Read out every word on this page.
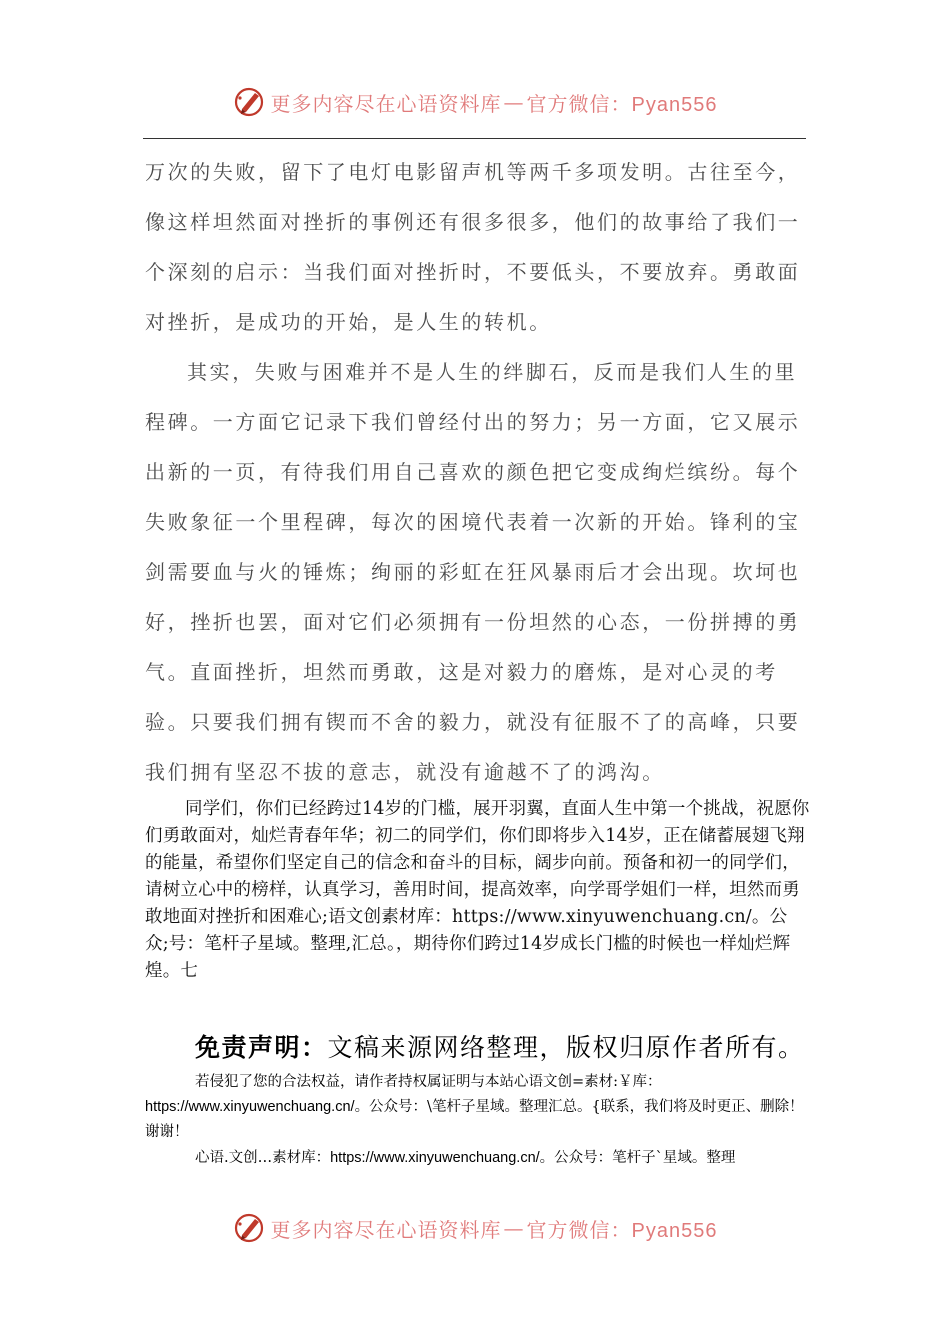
更多内容尽在心语资料库 — 官方微信：Pyan556

万次的失败，留下了电灯电影留声机等两千多项发明。古往至今，像这样坦然面对挫折的事例还有很多很多，他们的故事给了我们一个深刻的启示：当我们面对挫折时，不要低头，不要放弃。勇敢面对挫折，是成功的开始，是人生的转机。

其实，失败与困难并不是人生的绊脚石，反而是我们人生的里程碑。一方面它记录下我们曾经付出的努力；另一方面，它又展示出新的一页，有待我们用自己喜欢的颜色把它变成绚烂缤纷。每个失败象征一个里程碑，每次的困境代表着一次新的开始。锋利的宝剑需要血与火的锤炼；绚丽的彩虹在狂风暴雨后才会出现。坎坷也好，挫折也罢，面对它们必须拥有一份坦然的心态，一份拼搏的勇气。直面挫折，坦然而勇敢，这是对毅力的磨炼，是对心灵的考验。只要我们拥有锲而不舍的毅力，就没有征服不了的高峰，只要我们拥有坚忍不拔的意志，就没有逾越不了的鸿沟。

同学们，你们已经跨过14岁的门槛，展开羽翼，直面人生中第一个挑战，祝愿你们勇敢面对，灿烂青春年华；初二的同学们，你们即将步入14岁，正在储蓄展翅飞翔的能量，希望你们坚定自己的信念和奋斗的目标，阔步向前。预备和初一的同学们，请树立心中的榜样，认真学习，善用时间，提高效率，向学哥学姐们一样，坦然而勇敢地面对挫折和困难心;语文创素材库：https://www.xinyuwenchuang.cn/。公众;号：笔杆子星域。整理,汇总。，期待你们跨过14岁成长门槛的时候也一样灿烂辉煌。七

免责声明：文稿来源网络整理，版权归原作者所有。

若侵犯了您的合法权益，请作者持权属证明与本站心语文创=素材:￥库：https://www.xinyuwenchuang.cn/。公众号：\笔杆子星域。整理汇总。{联系，我们将及时更正、删除！谢谢！

心语.文创…素材库：https://www.xinyuwenchuang.cn/。公众号：笔杆子`星域。整理

更多内容尽在心语资料库 — 官方微信：Pyan556
